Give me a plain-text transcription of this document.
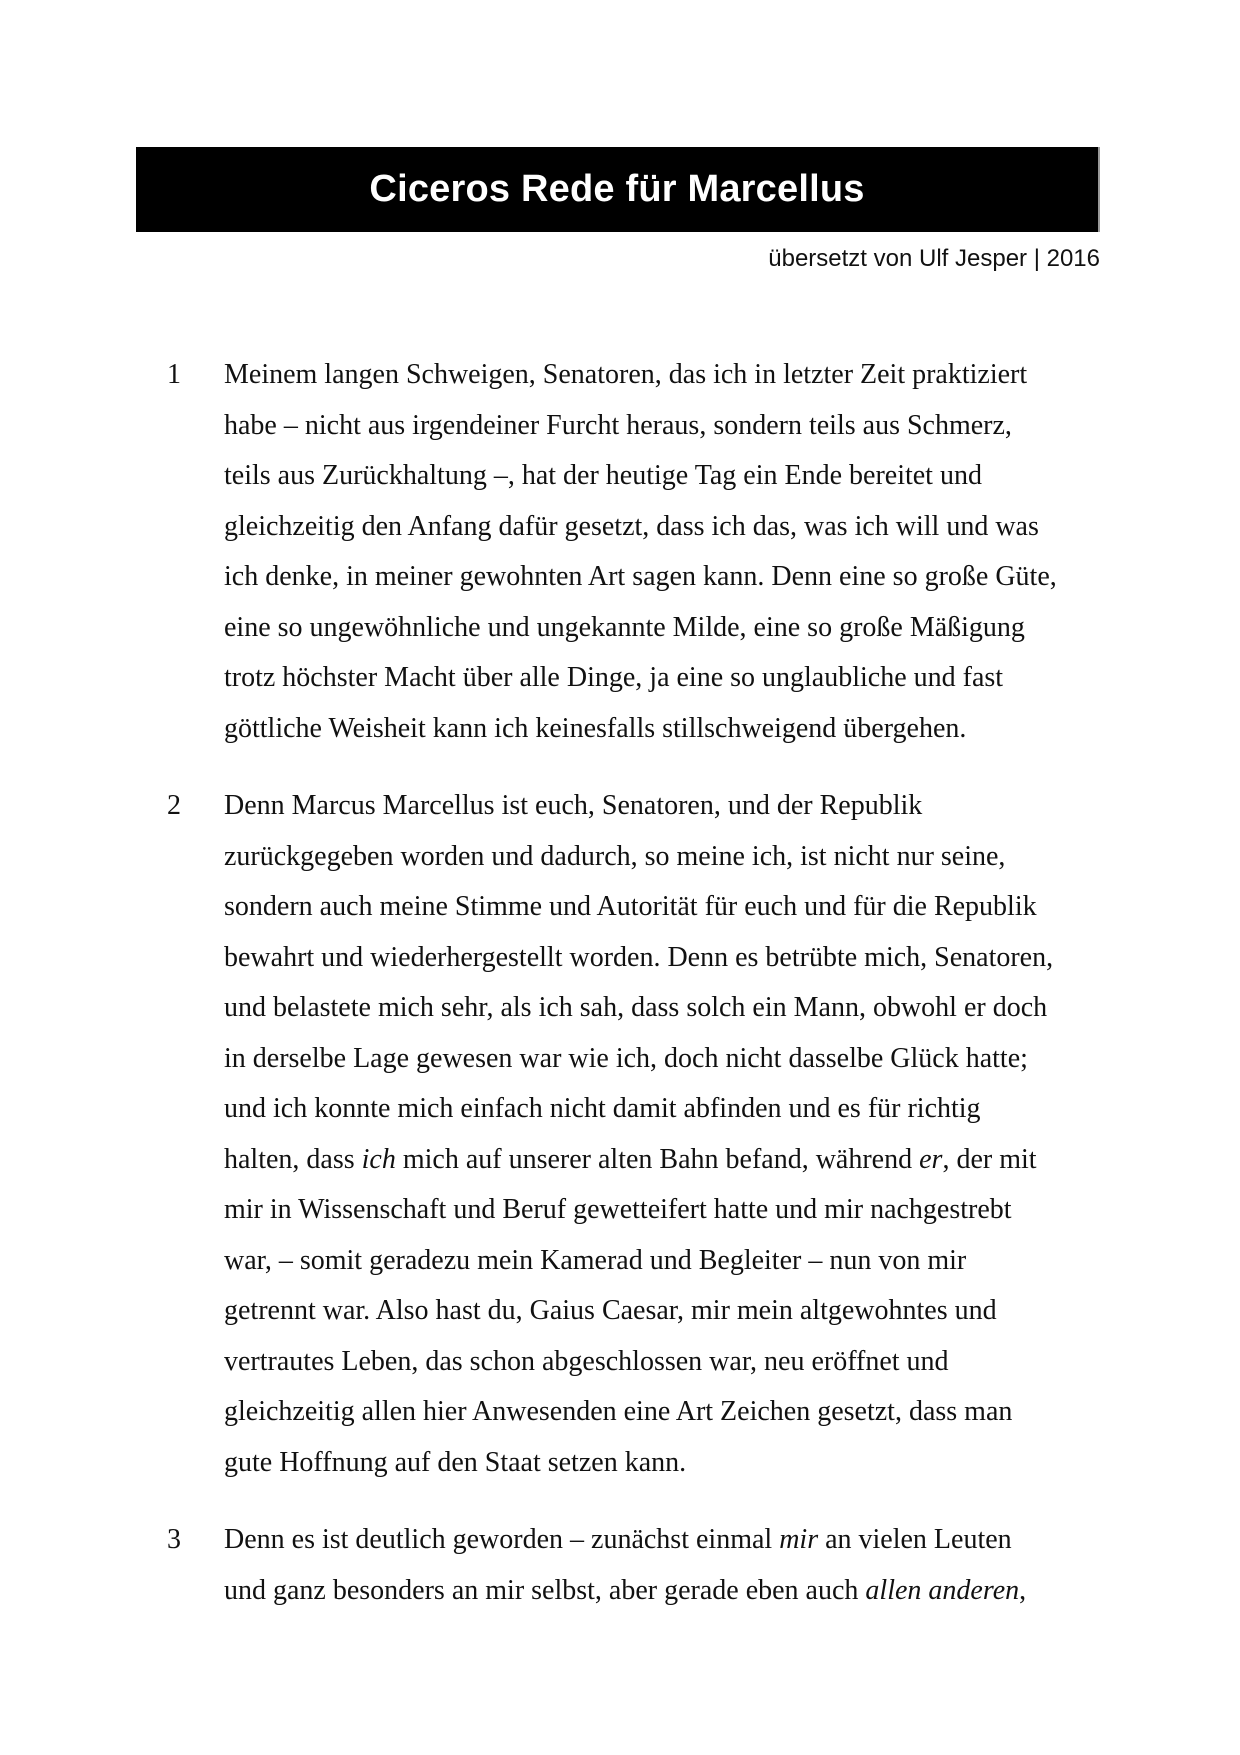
Ciceros Rede für Marcellus
übersetzt von Ulf Jesper | 2016
1 Meinem langen Schweigen, Senatoren, das ich in letzter Zeit praktiziert
habe – nicht aus irgendeiner Furcht heraus, sondern teils aus Schmerz,
teils aus Zurückhaltung –, hat der heutige Tag ein Ende bereitet und
gleichzeitig den Anfang dafür gesetzt, dass ich das, was ich will und was
ich denke, in meiner gewohnten Art sagen kann. Denn eine so große Güte,
eine so ungewöhnliche und ungekannte Milde, eine so große Mäßigung
trotz höchster Macht über alle Dinge, ja eine so unglaubliche und fast
göttliche Weisheit kann ich keinesfalls stillschweigend übergehen.
2 Denn Marcus Marcellus ist euch, Senatoren, und der Republik
zurückgegeben worden und dadurch, so meine ich, ist nicht nur seine,
sondern auch meine Stimme und Autorität für euch und für die Republik
bewahrt und wiederhergestellt worden. Denn es betrübte mich, Senatoren,
und belastete mich sehr, als ich sah, dass solch ein Mann, obwohl er doch
in derselbe Lage gewesen war wie ich, doch nicht dasselbe Glück hatte;
und ich konnte mich einfach nicht damit abfinden und es für richtig
halten, dass ich mich auf unserer alten Bahn befand, während er, der mit
mir in Wissenschaft und Beruf gewetteifert hatte und mir nachgestrebt
war, – somit geradezu mein Kamerad und Begleiter – nun von mir
getrennt war. Also hast du, Gaius Caesar, mir mein altgewohntes und
vertrautes Leben, das schon abgeschlossen war, neu eröffnet und
gleichzeitig allen hier Anwesenden eine Art Zeichen gesetzt, dass man
gute Hoffnung auf den Staat setzen kann.
3 Denn es ist deutlich geworden – zunächst einmal mir an vielen Leuten
und ganz besonders an mir selbst, aber gerade eben auch allen anderen,
